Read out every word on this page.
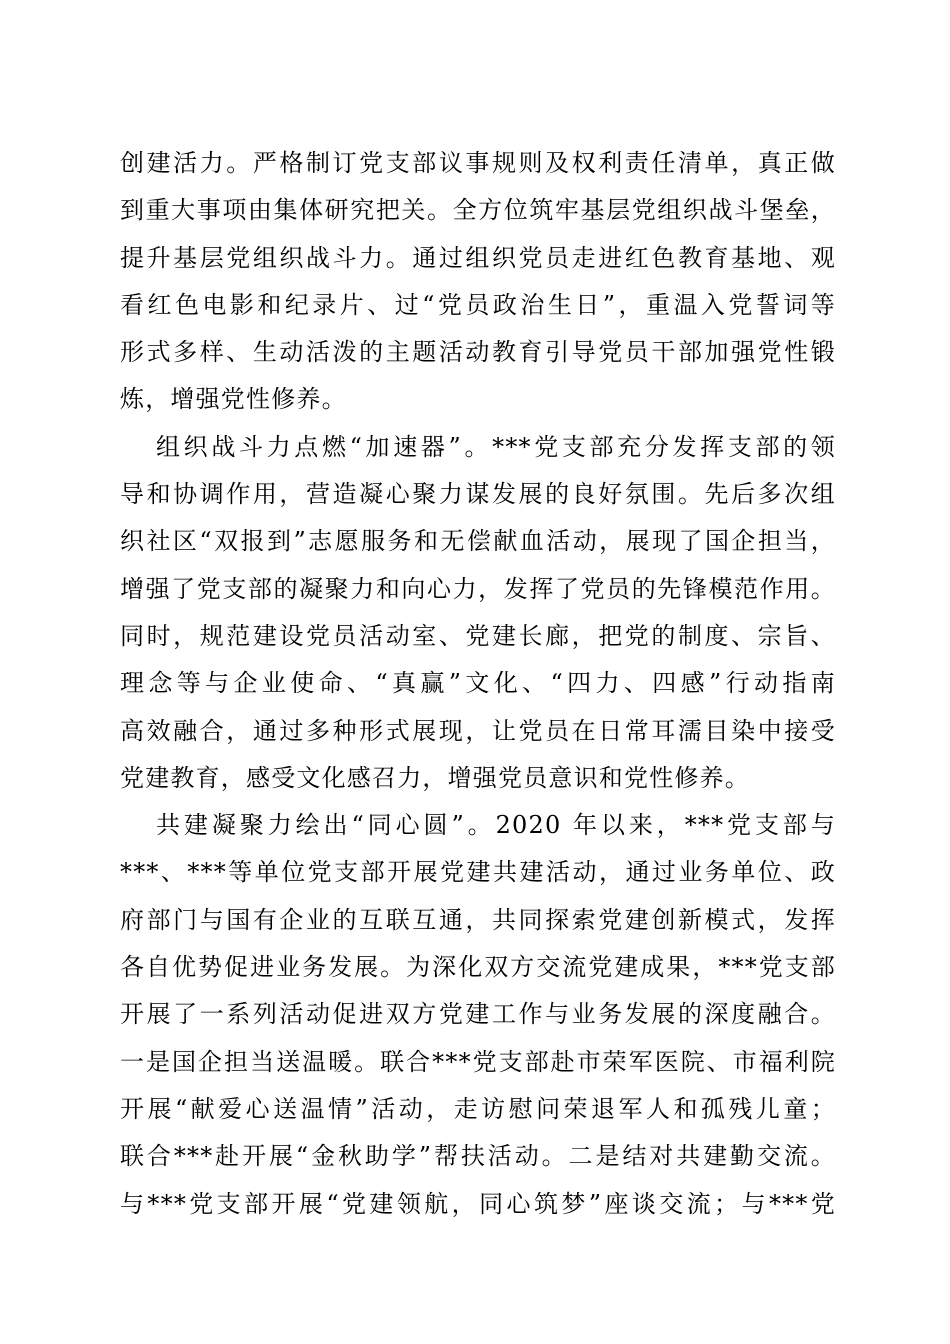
创建活力。严格制订党支部议事规则及权利责任清单，真正做
到重大事项由集体研究把关。全方位筑牢基层党组织战斗堡垒，
提升基层党组织战斗力。通过组织党员走进红色教育基地、观
看红色电影和纪录片、过“党员政治生日”，重温入党誓词等
形式多样、生动活泼的主题活动教育引导党员干部加强党性锻
炼，增强党性修养。
组织战斗力点燃“加速器”。***党支部充分发挥支部的领
导和协调作用，营造凝心聚力谋发展的良好氛围。先后多次组
织社区“双报到”志愿服务和无偿献血活动，展现了国企担当，
增强了党支部的凝聚力和向心力，发挥了党员的先锋模范作用。
同时，规范建设党员活动室、党建长廊，把党的制度、宗旨、
理念等与企业使命、“真赢”文化、“四力、四感”行动指南
高效融合，通过多种形式展现，让党员在日常耳濡目染中接受
党建教育，感受文化感召力，增强党员意识和党性修养。
共建凝聚力绘出“同心圆”。2020 年以来，***党支部与
***、***等单位党支部开展党建共建活动，通过业务单位、政
府部门与国有企业的互联互通，共同探索党建创新模式，发挥
各自优势促进业务发展。为深化双方交流党建成果，***党支部
开展了一系列活动促进双方党建工作与业务发展的深度融合。
一是国企担当送温暖。联合***党支部赴市荣军医院、市福利院
开展“献爱心送温情”活动，走访慰问荣退军人和孤残儿童；
联合***赴开展“金秋助学”帮扶活动。二是结对共建勤交流。
与***党支部开展“党建领航，同心筑梦”座谈交流；与***党
